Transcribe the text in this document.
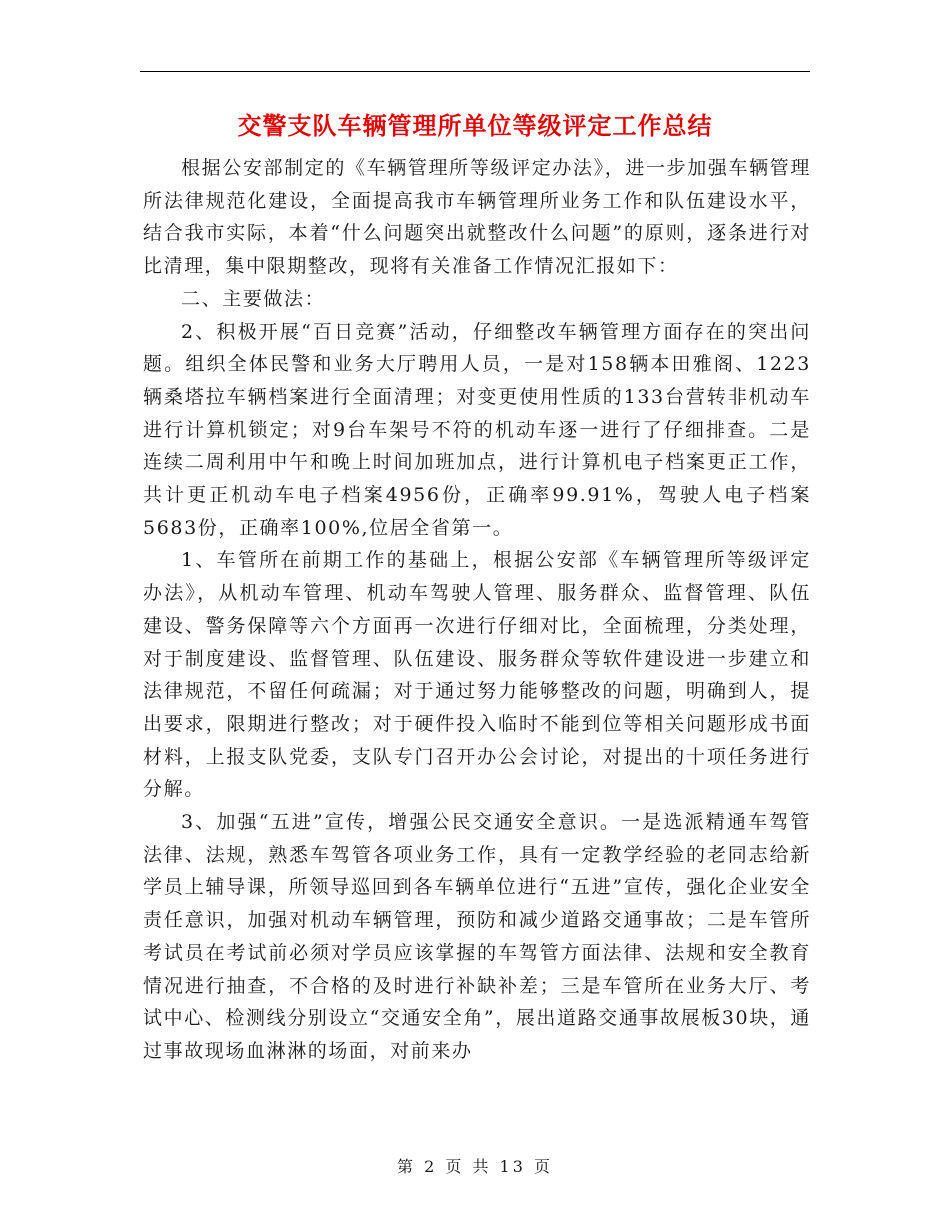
交警支队车辆管理所单位等级评定工作总结

根据公安部制定的《车辆管理所等级评定办法》，进一步加强车辆管理所法律规范化建设，全面提高我市车辆管理所业务工作和队伍建设水平，结合我市实际，本着“什么问题突出就整改什么问题”的原则，逐条进行对比清理，集中限期整改，现将有关准备工作情况汇报如下：

二、主要做法：

2、积极开展“百日竞赛”活动，仔细整改车辆管理方面存在的突出问题。组织全体民警和业务大厅聘用人员，一是对158辆本田雅阁、1223 辆桑塔拉车辆档案进行全面清理；对变更使用性质的133台营转非机动车进行计算机锁定；对9台车架号不符的机动车逐一进行了仔细排查。二是连续二周利用中午和晚上时间加班加点，进行计算机电子档案更正工作，共计更正机动车电子档案4956份，正确率99.91%，驾驶人电子档案5683份，正确率100%,位居全省第一。

1、车管所在前期工作的基础上，根据公安部《车辆管理所等级评定办法》，从机动车管理、机动车驾驶人管理、服务群众、监督管理、队伍建设、警务保障等六个方面再一次进行仔细对比，全面梳理，分类处理，对于制度建设、监督管理、队伍建设、服务群众等软件建设进一步建立和法律规范，不留任何疏漏；对于通过努力能够整改的问题，明确到人，提出要求，限期进行整改；对于硬件投入临时不能到位等相关问题形成书面材料，上报支队党委，支队专门召开办公会讨论，对提出的十项任务进行分解。

3、加强“五进”宣传，增强公民交通安全意识。一是选派精通车驾管法律、法规，熟悉车驾管各项业务工作，具有一定教学经验的老同志给新学员上辅导课，所领导巡回到各车辆单位进行“五进”宣传，强化企业安全责任意识，加强对机动车辆管理，预防和减少道路交通事故；二是车管所考试员在考试前必须对学员应该掌握的车驾管方面法律、法规和安全教育情况进行抽查，不合格的及时进行补缺补差；三是车管所在业务大厅、考试中心、检测线分别设立“交通安全角”，展出道路交通事故展板30块，通过事故现场血淋淋的场面，对前来办

第 2 页 共 13 页
